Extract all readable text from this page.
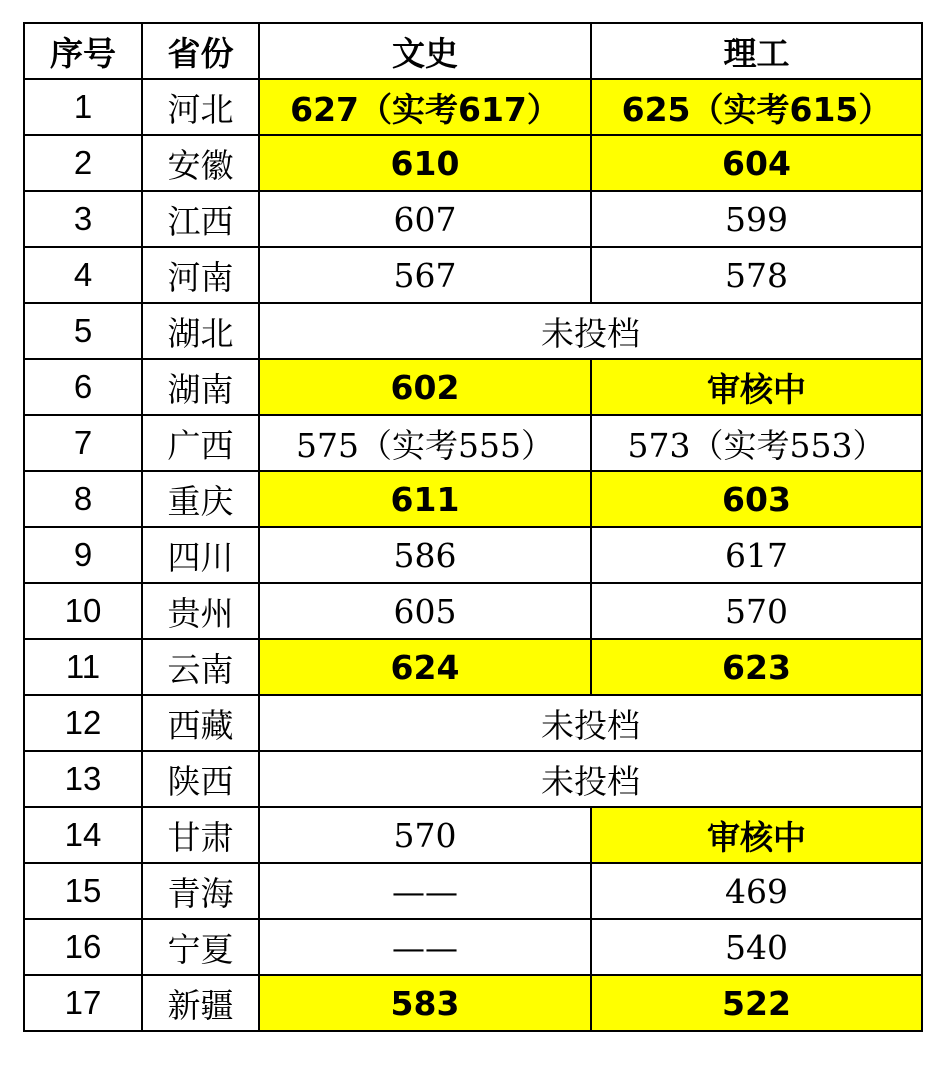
序号	省份	文史	理工
1	河北	627（实考617）	625（实考615）
2	安徽	610	604
3	江西	607	599
4	河南	567	578
5	湖北	未投档	
6	湖南	602	审核中
7	广西	575（实考555）	573（实考553）
8	重庆	611	603
9	四川	586	617
10	贵州	605	570
11	云南	624	623
12	西藏	未投档	
13	陕西	未投档	
14	甘肃	570	审核中
15	青海	——	469
16	宁夏	——	540
17	新疆	583	522
